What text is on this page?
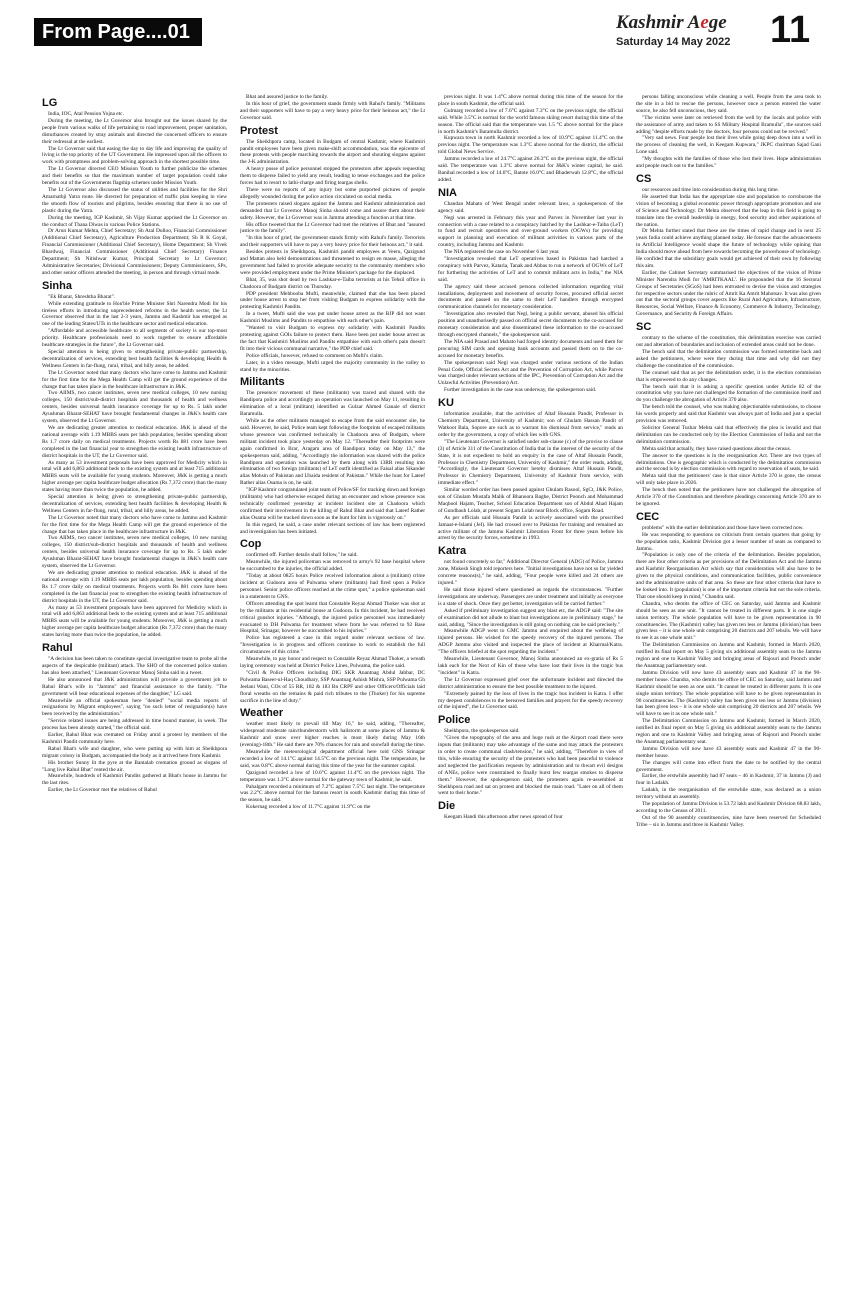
From Page....01	Kashmir Aege
Saturday 14 May 2022	11
LG

India, IOC, Atal Pension Yojna etc.

During the meeting, the Lt Governor also brought out the issues shared by the people from various walks of life pertaining to road improvement, proper sanitation, disturbances created by stray animals and directed the concerned officers to ensure their redressal at the earliest.

The Lt Governor said that easing the day to day life and improving the quality of living is the top priority of the UT Government. He impressed upon all the officers to work with promptness and problem-solving approach in the shortest possible time.

The Lt Governor directed CEO Mission Youth to further publicize the schemes and their benefits so that the maximum number of target population could take benefits out of the Governments flagship schemes under Mission Youth.

The Lt Governor also discussed the status of utilities and facilities for the Shri Amarnathji Yatra route. He directed for preparation of traffic plan keeping in view the smooth flow of tourists and pilgrims, besides ensuring that there is no use of plastic during the Yatra.

During the meeting, IGP Kashmir, Sh Vijay Kumar apprised the Lt Governor on the conduct of Thana Diwas in various Police Stations.

Dr Arun Kumar Mehta, Chief Secretary; Sh Atal Dulloo, Financial Commissioner (Additional Chief Secretary), Agriculture Production Department; Sh R K Goyal, Financial Commissioner (Additional Chief Secretary), Home Department; Sh Vivek Bhardwaj, Financial Commissioner (Additional Chief Secretary) Finance Department; Sh Nitishwar Kumar, Principal Secretary to Lt Governor; Administrative Secretaries; Divisional Commissioners; Deputy Commissioners, SPs, and other senior officers attended the meeting, in person and through virtual mode.

Sinha

"Ek Bharat, Shreshtha Bharat".

While extending gratitude to Hon'ble Prime Minister Shri Narendra Modi for his tireless efforts in introducing unprecedented reforms in the health sector, the Lt Governor observed that in the last 2-3 years, Jammu and Kashmir has emerged as one of the leading States/UTs in the healthcare sector and medical education.

"Affordable and accessible healthcare to all segments of society is our top-most priority. Healthcare professionals need to work together to ensure affordable healthcare strategies in the future", the Lt Governor said.

Special attention is being given to strengthening private-public partnership, decentralization of services, extending best health facilities & developing Health & Wellness Centers in far-flung, rural, tribal, and hilly areas, he added.

The Lt Governor noted that many doctors who have come to Jammu and Kashmir for the first time for the Mega Health Camp will get the ground experience of the change that has taken place in the healthcare infrastructure in J&K.

Two AIIMS, two cancer institutes, seven new medical colleges, 10 new nursing colleges, 150 district/sub-district hospitals and thousands of health and wellness centers, besides universal health insurance coverage for up to Rs. 5 lakh under Ayushman Bharat-SEHAT have brought fundamental changes in J&K's health care system, observed the Lt Governor.

We are dedicating greater attention to medical education. J&K is ahead of the national average with 1.19 MBBS seats per lakh population, besides spending about Rs 1.7 crore daily on medical treatments. Projects worth Rs 881 crore have been completed in the last financial year to strengthen the existing health infrastructure of district hospitals in the UT, the Lt Governor said.

As many as 53 investment proposals have been approved for Medicity which in total will add 6,863 additional beds to the existing system and at least 715 additional MBBS seats will be available for young students. Moreover, J&K is getting a much higher average per capita healthcare budget allocation (Rs 7,372 crore) than the many states having more than twice the population, he added.

Special attention is being given to strengthening private-public partnership, decentralization of services, extending best health facilities & developing Health & Wellness Centers in far-flung, rural, tribal, and hilly areas, he added.

The Lt Governor noted that many doctors who have come to Jammu and Kashmir for the first time for the Mega Health Camp will get the ground experience of the change that has taken place in the healthcare infrastructure in J&K.

Two AIIMS, two cancer institutes, seven new medical colleges, 10 new nursing colleges, 150 district/sub-district hospitals and thousands of health and wellness centers, besides universal health insurance coverage for up to Rs. 5 lakh under Ayushman Bharat-SEHAT have brought fundamental changes in J&K's health care system, observed the Lt Governor.

We are dedicating greater attention to medical education. J&K is ahead of the national average with 1.19 MBBS seats per lakh population, besides spending about Rs 1.7 crore daily on medical treatments. Projects worth Rs 881 crore have been completed in the last financial year to strengthen the existing health infrastructure of district hospitals in the UT, the Lt Governor said.

As many as 53 investment proposals have been approved for Medicity which in total will add 6,863 additional beds to the existing system and at least 715 additional MBBS seats will be available for young students. Moreover, J&K is getting a much higher average per capita healthcare budget allocation (Rs 7,372 crore) than the many states having more than twice the population, he added.

Rahul

"A decision has been taken to constitute special investigative team to probe all the aspects of the despicable (militant) attack. The SHO of the concerned police station has also been attached," Lieutenant Governor Manoj Sinha said in a tweet.

He also announced that J&K administration will provide a government job to Rahul Bhat's wife in "Jammu" and financial assistance to the family. "The government will bear educational expenses of the daughter," LG said.

Meanwhile an official spokesman here "denied" "social media reports of resignations by Migrant employees", saying "no such letter of resignation(s) have been received by the administration."

"Service related issues are being addressed in time bound manner, in week. The process has been already started," the official said.

Earlier, Rahul Bhat was cremated on Friday amid a protest by members of the Kashmiri Pandit community here.

Rahul Bhat's wife and daughter, who were putting up with him at Sheikhpora migrant colony in Budgam, accompanied the body as it arrived here from Kashmir.

His brother Sunny lit the pyre at the Bantalab cremation ground as slogans of "Long live Rahul Bhat" rented the air.

Meanwhile, hundreds of Kashmiri Pandits gathered at Bhat's house in Jammu for the last rites.

Earlier, the Lt Governor met the relatives of Rahul

Bhat and assured justice to the family.

In this hour of grief, the government stands firmly with Rahul's family. "Militants and their supporters will have to pay a very heavy price for their heinous act," the Lt Governor said.

Protest

The Sheikhpora camp, located in Budgam of central Kashmir, where Kashmiri pandit employees have been given make-shift accommodation, was the epicentre of these protests with people marching towards the airport and shouting slogans against the J-K administration.

A heavy posse of police personnel stopped the protestors after appeals requesting them to disperse failed to yield any result, leading to tense exchanges and the police forces had to resort to lathi-charge and firing teargas shells.

There were no reports of any injury but some purported pictures of people allegedly wounded during the police action circulated on social media.

The protesters raised slogans against the Jammu and Kashmir administration and demanded that Lt Governor Manoj Sinha should come and assure them about their safety. However, the Lt Governor was in Jammu attending a function at that time.

His office tweeted that the Lt Governor had met the relatives of Bhat and "assured justice to the family".

"In this hour of grief, the government stands firmly with Rahul's family. Terrorists and their supporters will have to pay a very heavy price for their heinous act," it said.

Besides protests in Sheikhpora, Kashmiri pandit employees at Veeru, Qazigund and Mattan also held demonstrations and threatened to resign en masse, alleging the government had failed to provide adequate security to the community members who were provided employment under the Prime Minister's package for the displaced.

Bhat, 35, was shot dead by two Lashkar-e-Taiba terrorists at his Tehsil office in Chadoora of Budgam district on Thursday.

PDP president Mehbooba Mufti, meanwhile, claimed that she has been placed under house arrest to stop her from visiting Budgam to express solidarity with the protesting Kashmiri Pandits.

In a tweet, Mufti said she was put under house arrest as the BJP did not want Kashmiri Muslims and Pandits to empathise with each other's pain.

"Wanted to visit Budgam to express my solidarity with Kashmiri Pandits protesting against GOIs failure to protect them. Have been put under house arrest as the fact that Kashmiri Muslims and Pandits empathise with each other's pain doesn't fit into their vicious communal narrative," the PDP chief said.

Police officials, however, refused to comment on Mufti's claim.

Later, in a video message, Mufti urged the majority community in the valley to stand by the minorities.

Militants

The presence/ movement of these (militants) was traced and shared with the Bandipora police and accordingly an operation was launched on May 11, resulting in elimination of a local (militant) identified as Gulzar Ahmed Ganaie of district Baramulla.

While as the other militants managed to escape from the said encounter site, he said. However, he said, Police team kept following the footprints of escaped militants whose presence was confirmed technically in Chadoora area of Budgam, where militant incident took place yesterday on May 12. "Thereafter their footprints were again confirmed in Brar, Aragam area of Bandipora today on May 13," the spokesperson said, adding, "Accordingly the information was shared with the police Bandipora and operation was launched by them along with 13RR resulting into elimination of two foreign (militants) of LeT outfit identified as Faisal alias Sikander alias Mohsin of Pakistan and Ubaida resident of Pakistan." While the hunt for Lateef Rather alias Osama is on, he said.

"IGP Kashmir congratulated joint team of Police/SF for tracking down and foreign (militants) who had otherwise escaped during an encounter and whose presence was technically confirmed yesterday at incident incident site at Chadoora which confirmed their involvement in the killing of Rahul Bhat and said that Lateef Rather alias Osama will be tracked down soon as the hunt for him is vigorously on."

In this regard, he said, a case under relevant sections of law has been registered and investigation has been initiated.

Cop

confirmed off. Further details shall follow," he said.

Meanwhile, the injured policeman was removed to army's 92 base hospital where he succumbed to the injuries, the official added.

"Today at about 0825 hours Police received information about a (militant) crime incident at Gudoora area of Pulwama where (militants) had fired upon a Police personnel. Senior police officers reached at the crime spot," a police spokesman said in a statement to GNS.

Officers attending the spot learnt that Constable Reyaz Ahmad Thoker was shot at by the militants at his residential house at Gudoora. In this incident, he had received critical gunshot injuries. "Although, the injured police personnel was immediately evacuated to DH Pulwama for treatment where from he was referred to 92 Base Hospital, Srinagar, however he succumbed to his injuries."

Police has registered a case in this regard under relevant sections of law. "Investigation is in progress and officers continue to work to establish the full circumstances of this crime."

Meanwhile, to pay honor and respect to Constable Reyaz Ahmad Thoker, a wreath laying ceremony was held at District Police Lines, Pulwama, the police said.

"Civil & Police Officers including DIG SKR Anantnag Abdul Jabbar, DC Pulwama Baseer-ul-Haq Choudhary, SSP Anantnag Ashish Mishra, SSP Pulwama Gh Jeelani Wani, COs of 55 RR, 182 & 183 Bn CRPF and other Officers/Officials laid floral wreaths on the remains & paid rich tributes to the (Thoker) for his supreme sacrifice in the line of duty."

Weather

weather most likely to prevail till May 16," he said, adding, "Thereafter, widespread moderate rain/thunderstorm with hailstorm at some places of Jammu & Kashmir and snow over higher reaches is most likely during May 16th (evening)-18th." He said there are 70% chances for rain and snowfall during the time.

Meanwhile the meteorological department official here told GNS Srinagar recorded a low of 14.1°C against 14.5°C on the previous night. The temperature, he said, was 0.8°C above normal during this time of the year for the summer capital.

Qazigund recorded a low of 10.6°C against 11.4°C on the previous night. The temperature was 1.3°C above normal for the gateway town of Kashmir, he said.

Pahalgam recorded a minimum of 7.2°C against 7.5°C last night. The temperature was 2.2°C above normal for the famous resort in south Kashmir during this time of the season, he said.

Kokernag recorded a low of 11.7°C against 11.9°C on the

previous night. It was 1.4°C above normal during this time of the season for the place in south Kashmir, the official said.

Gulmarg recorded a low of 7.6°C against 7.3°C on the previous night, the official said. While 3.5°C is normal for the world famous skiing resort during this time of the season. The official said that the temperature was 1.5 °C above normal for the place in north Kashmir's Baramulla district.

Kupwara town in north Kashmir recorded a low of 10.9°C against 11.4°C on the previous night. The temperature was 1.3°C above normal for the district, the official told Global News Service.

Jammu recorded a low of 24.7°C against 26.3°C on the previous night, the official said. The temperature was 1.3°C above normal for J&K's winter capital, he said. Banihal recorded a low of 14.6°C, Batote 16.0°C and Bhaderwah 12.8°C, the official added.

NIA

Chandan Mahato of West Bengal under relevant laws, a spokesperson of the agency said.

Negi was arrested in February this year and Parvez in November last year in connection with a case related to a conspiracy hatched by the Lashkar-e-Taiba (LeT) to fund and recruit operatives and over-ground workers (OGWs) for providing support in planning and execution of militant activities in various parts of the country, including Jammu and Kashmir.

The NIA registered the case on November 6 last year.

"Investigation revealed that LeT operatives based in Pakistan had hatched a conspiracy with Parvez, Kataria, Tanak and Abbas to run a network of OGWs of LeT for furthering the activities of LeT and to commit militant acts in India," the NIA said.

The agency said these accused persons collected information regarding vital installations, deployment and movement of security forces, procured official secret documents and passed on the same to their LeT handlers through encrypted communication channels for monetary consideration.

"Investigation also revealed that Negi, being a public servant, abused his official position and unauthorisedly passed on official secret documents to the co-accused for monetary consideration and also disseminated these information to the co-accused through encrypted channels," the spokesperson said.

The NIA said Prasad and Mahato had forged identity documents and used them for procuring SIM cards and opening bank accounts and passed them on to the co-accused for monetary benefits.

The spokesperson said Negi was charged under various sections of the Indian Penal Code, Official Secrets Act and the Prevention of Corruption Act, while Parvez was charged under relevant sections of the IPC, Prevention of Corruption Act and the Unlawful Activities (Prevention) Act.

Further investigation in the case was underway, the spokesperson said.

KU

information available, that the activities of Altaf Hussain Pandit, Professor in Chemistry Department, University of Kashmir; son of Ghulam Hassan Pandit of Watkoot Bala, Sopore are such as to warrant his dismissal from service," reads an order by the government, a copy of which lies with GNS.

"The Lieutenant Governor is satisfied under sub-clause (c) of the proviso to clause (3) of Article 311 of the Constitution of India that in the interest of the security of the State, it is not expedient to hold an enquiry in the case of Altaf Hussain Pandit, Professor in Chemistry Department, University of Kashmir," the order reads, adding, "Accordingly, the Lieutenant Governor hereby dismisses Altaf Hussain Pandit, Professor in Chemistry Department, University of Kashmir from service, with immediate effect."

Similar worded order has been passed against Ghulam Rasool, SgCt, J&K Police, son of Ghulam Mustafa Malik of Bhanoora Baghe, District Poonch and Mohammad Maqbool Hajam, Teacher, School Education Department son of Abdul Ahad Hajam of Gundbauh Lolab, at present Sogam Lolab near Block office, Sogam Road.

As per officials said Hussain Pandit is actively associated with the proscribed Jamaat-e-Islami (JeI). He had crossed over to Pakistan for training and remained an active militant of the Jammu Kashmir Liberation Front for three years before his arrest by the security forces, sometime in 1993.

Katra

not found concretely so far," Additional Director General (ADG) of Police, Jammu zone, Mukesh Singh told reporters here. "Initial investigations have not so far yielded concrete reasons(s)," he said, adding, "Four people were killed and 24 others are injured."

He said those injured where questioned as regards the circumstances. "Further investigations are underway. Passengers are under treatment and initially as everyone is a state of shock. Once they get better, investigation will be carried further."

Asked if preliminary investigation suggest any blast etc, the ADGP said: "The site of examination did not allude to blast but investigations are in preliminary stage," he said, adding, "Since the investigation is still going on nothing can be said precisely."

Meanwhile ADGP went to GMC Jammu and enquired about the wellbeing of injured persons. He wished for the speedy recovery of the injured persons. The ADGP Jammu also visited and inspected the place of incident at Kharmal/Katra. "The officers briefed at the spot regarding the incident."

Meanwhile, Lieutenant Governor, Manoj Sinha announced an ex-gratia of Rs 5 lakh each for the Next of Kin of those who have lost their lives in the tragic bus "incident" in Katra.

The Lt Governor expressed grief over the unfortunate incident and directed the district administration to ensure the best possible treatment to the injured.

"Extremely pained by the loss of lives in the tragic bus incident in Katra. I offer my deepest condolences to the bereaved families and prayers for the speedy recovery of the injured", the Lt Governor said.

Police

Sheikhpora, the spokesperson said.

"Given the topography of the area and huge rush at the Airport road there were inputs that (militants) may take advantage of the same and may attack the protesters in order to create communal clash/tension," he said, adding, "Therefore in view of this, while ensuring the security of the protesters who had been peaceful to violence and neglected the pacification requests by administration and to thwart evil designs of ANEs, police were constrained to finally burst few teargas smokes to disperse them." However, the spokesperson said, the protesters again re-assembled at Sheikhpora road and sat on protest and blocked the main road. "Later on all of them went to their home."

Die

Keegam Handi this afternoon after news spread of four

persons falling unconscious while cleaning a well. People from the area took to the site in a bid to rescue the persons, however once a person entered the water source, he also fell unconscious, they said.

"The victims were later on retrieved from the well by the locals and police with the assistance of army and taken to SS Military Hospital Bramulla", the sources said adding "despite efforts made by the doctors, four persons could not be revived."

"Very sad news. Four people lost their lives while going deep down into a well in the process of cleaning the well, in Keegam Kupwara," JKPC chairman Sajad Gani Lone said.

"My thoughts with the families of those who lost their lives. Hope administration and people reach out to the families."

CS

our resources and time into consideration during this long time.

He asserted that India has the appropriate size and population to corroborate the vision of becoming a global economic power through appropriate promotion and use of Science and Technology. Dr Mehta observed that the leap in this field is going to translate into the overall leadership in energy, food security and other aspirations of the nation.

Dr Mehta further stated that these are the times of rapid change and in next 25 years India could achieve anything planned today. He foresaw that the advancements in Artificial Intelligence would shape the future of technology while opining that India should move ahead from here towards becoming the powerhouse of technology. He confided that the subsidiary goals would get achieved of their own by following this aim.

Earlier, the Cabinet Secretary summarised the objectives of the vision of Prime Minister Narendra Modi for 'AMRITKAAL'. He propounded that the 16 Sectoral Groups of Secretaries (SGoS) had been entrusted to devise the vision and strategies for respective sectors under the rubric of Amrit Ka Amrit Mahotsav. It was also given out that the sectoral groups cover aspects like Rural And Agriculture, Infrastructure, Resources, Social Welfare, Finance & Economy, Commerce & Industry, Technology, Governance, and Security & Foreign Affairs.

SC

contrary to the scheme of the constitution, this delimitation exercise was carried out and alteration of boundaries and inclusion of extended areas could not be done.

The bench said that the delimitation commission was formed sometime back and asked the petitioners, where were they during that time and why did not they challenge the constitution of the commission.

The counsel said that as per the delimitation order, it is the election commission that is empowered to do any changes.

The bench said that it is asking a specific question under Article 82 of the constitution why you have not challenged the formation of the commission itself and do you challenge the abrogation of Article 370 also.

The bench told the counsel, who was making objectionable submissions, to choose his words properly and said that Kashmir was always part of India and just a special provision was removed.

Solicitor General Tushar Mehta said that effectively the plea is invalid and that delimitation can be conducted only by the Election Commission of India and not the delimitation commission.

Mehta said that actually, they have raised questions about the census.

The answer to the questions is in the reorganisation Act. There are two types of delimitations. One is geographic which is conducted by the delimitation commission and the second is by election commission with regard to reservation of seats, he said.

Mehta said that the petitioners' case is that since Article 370 is gone, the census will only take place in 2026.

The bench then noted that the petitioners have not challenged the abrogation of Article 370 of the Constitution and therefore pleadings concerning Article 370 are to be ignored.

CEC

problems" with the earlier delimitation and those have been corrected now.

He was responding to questions on criticism from certain quarters that going by the population ratio, Kashmir Division got a lesser number of seats as compared to Jammu.

"Population is only one of the criteria of the delimitation. Besides population, there are four other criteria as per provisions of the Delimitation Act and the Jammu and Kashmir Reorganisation Act which say that consideration will also have to be given to the physical conditions, and communication facilities, public convenience and the administrative units of that area. So these are four other criteria that have to be looked into. It (population) is one of the important criteria but not the sole criteria. That one should keep in mind," Chandra said.

Chandra, who demits the office of CEC on Saturday, said Jammu and Kashmir should be seen as one unit. "It cannot be treated in different parts. It is one single union territory. The whole population will have to be given representation in 90 constituencies. The (Kashmir) valley has given ten less or Jammu (division) has been given less – it is one whole unit comprising 20 districts and 207 tehsils. We will have to see it as one whole unit."

The Delimitation Commission on Jammu and Kashmir, formed in March 2020, notified its final report on May 5 giving six additional assembly seats to the Jammu region and one to Kashmir Valley and bringing areas of Rajouri and Poonch under the Anantnag parliamentary seat.

Jammu Division will now have 43 assembly seats and Kashmir 47 in the 90-member house. Chandra, who demits the office of CEC on Saturday, said Jammu and Kashmir should be seen as one unit. "It cannot be treated in different parts. It is one single union territory. The whole population will have to be given representation in 90 constituencies. The (Kashmir) valley has been given ten less or Jammu (division) has been given less – it is one whole unit comprising 20 districts and 207 tehsils. We will have to see it as one whole unit."

The Delimitation Commission on Jammu and Kashmir, formed in March 2020, notified its final report on May 5 giving six additional assembly seats to the Jammu region and one to Kashmir Valley and bringing areas of Rajouri and Poonch under the Anantnag parliamentary seat.

Jammu Division will now have 43 assembly seats and Kashmir 47 in the 90-member house.

The changes will come into effect from the date to be notified by the central government.

Earlier, the erstwhile assembly had 87 seats – 46 in Kashmir, 37 in Jammu (J) and four in Ladakh.

Ladakh, in the reorganisation of the erstwhile state, was declared as a union territory without an assembly.

The population of Jammu Division is 53.72 lakh and Kashmir Division 68.83 lakh, according to the Census of 2011.

Out of the 90 assembly constituencies, nine have been reserved for Scheduled Tribe – six in Jammu and three in Kashmir Valley.
